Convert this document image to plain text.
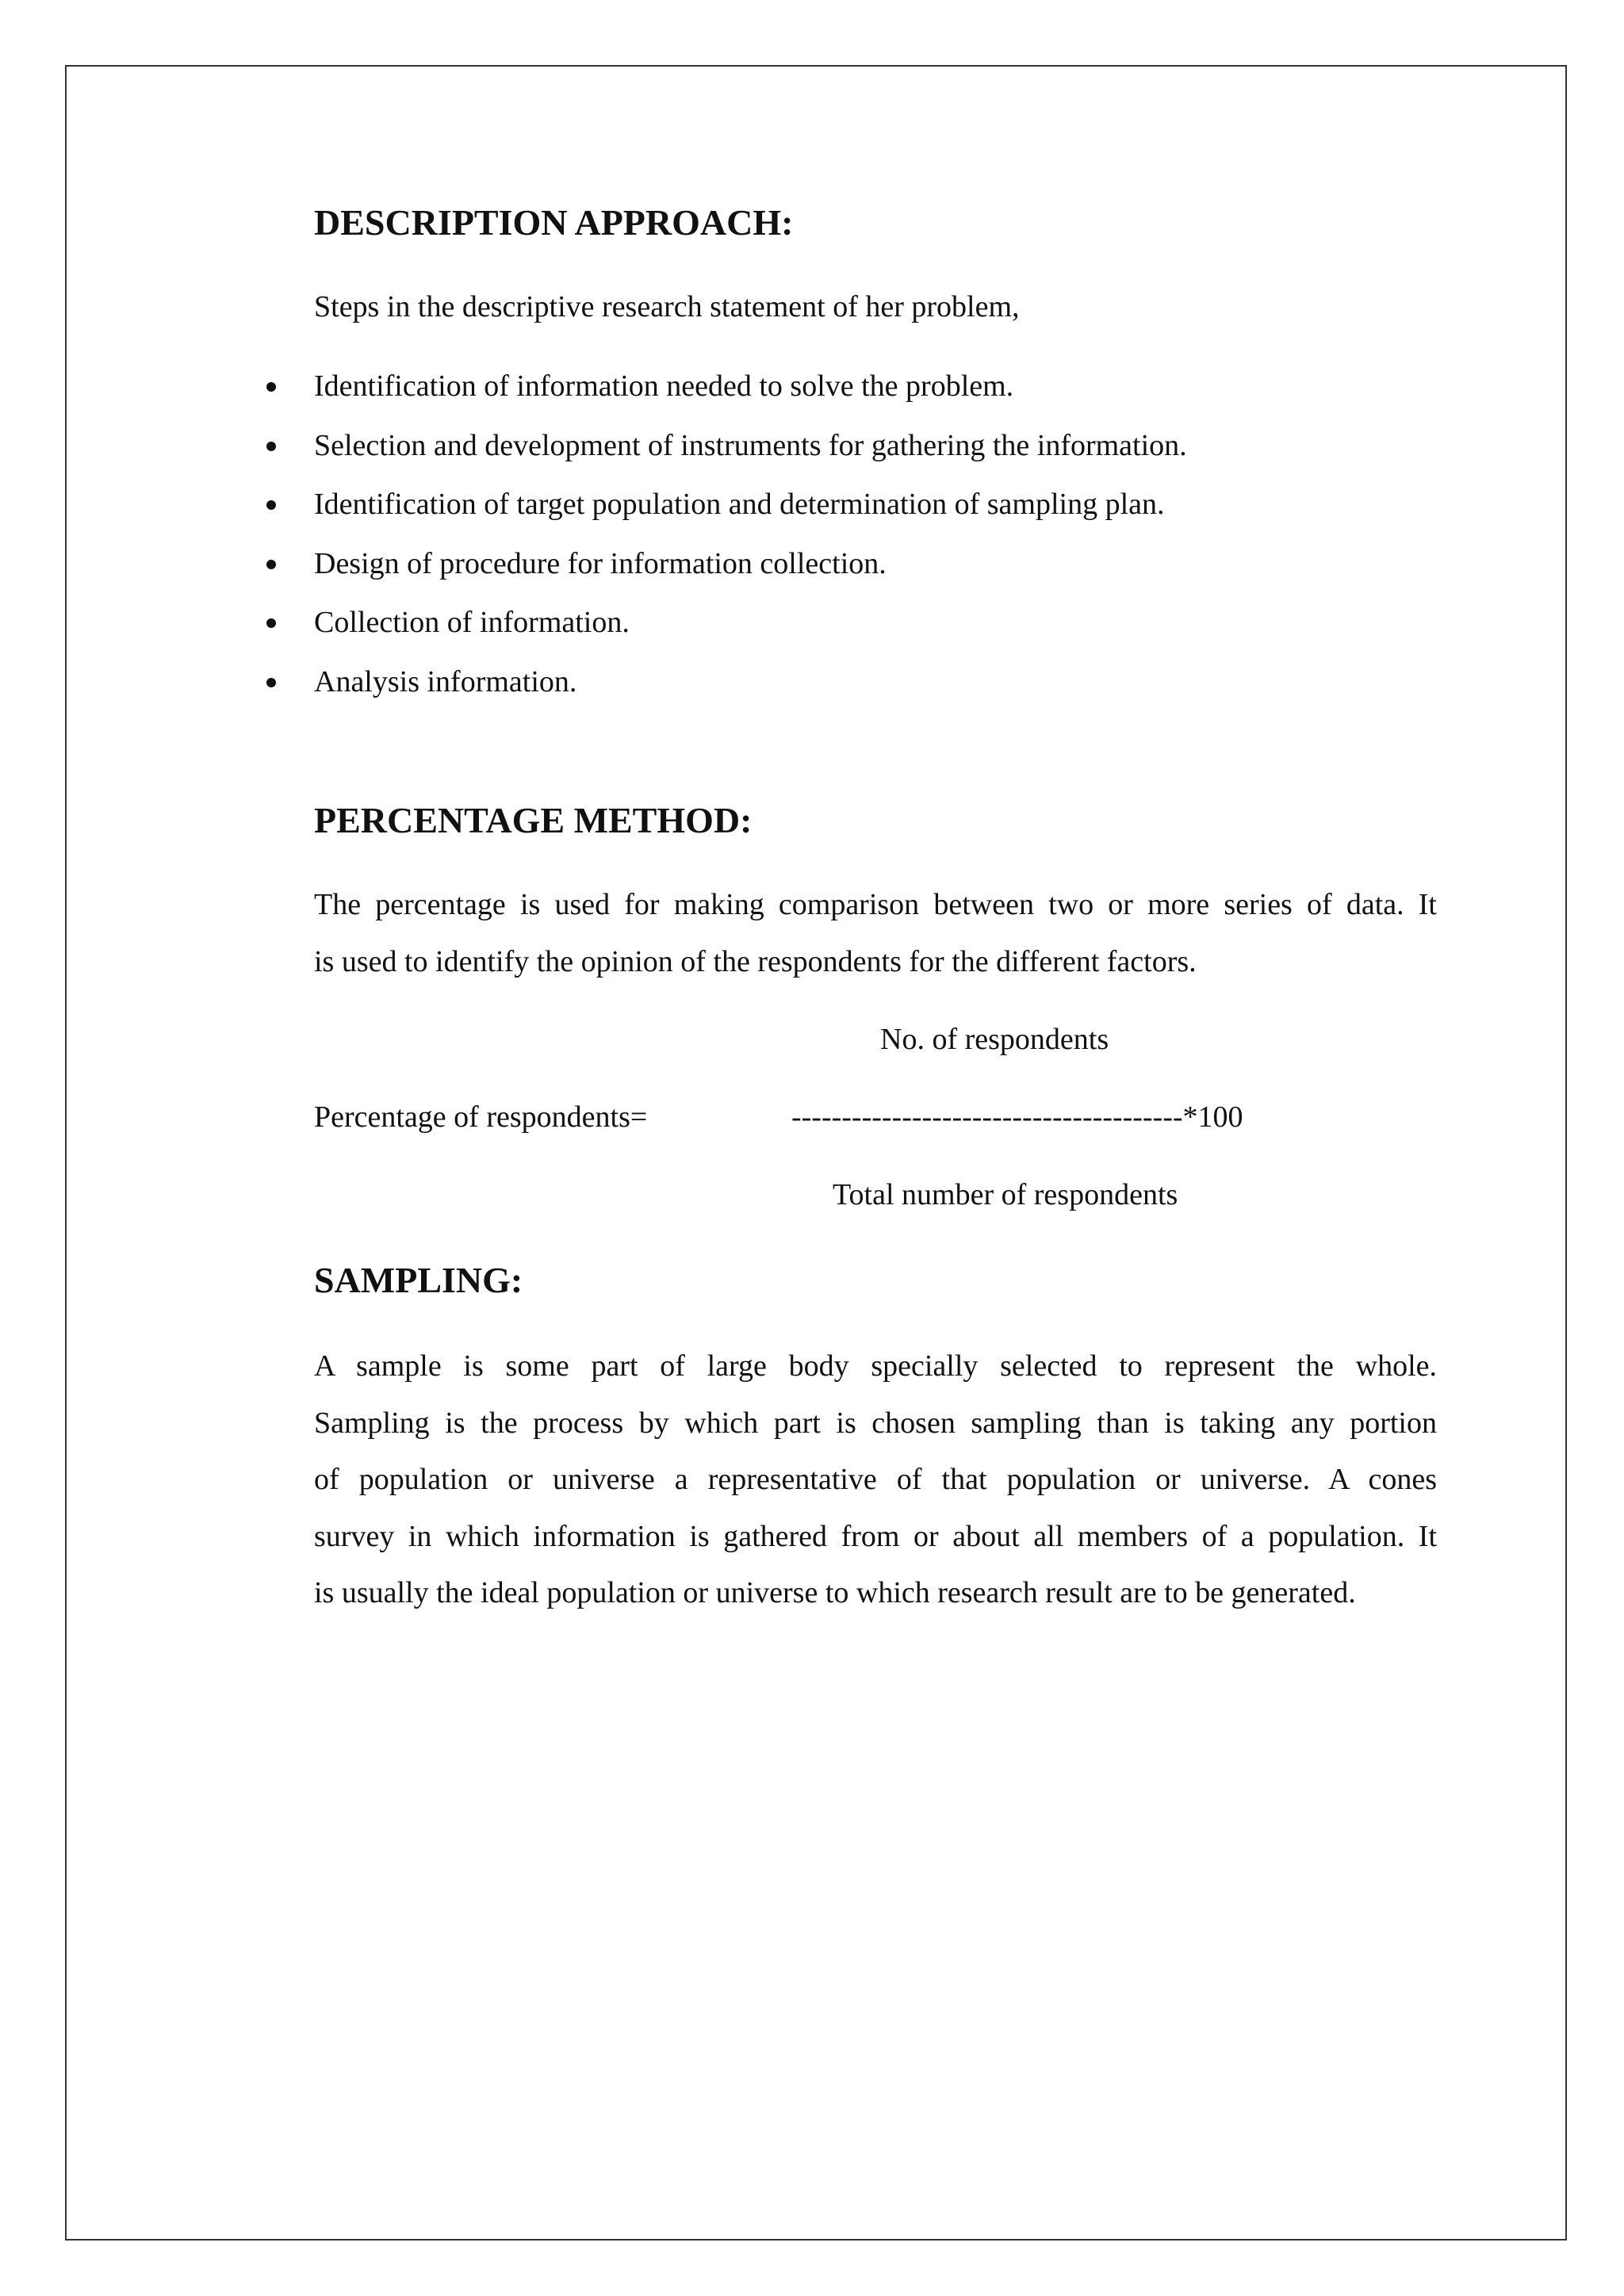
DESCRIPTION APPROACH:

Steps in the descriptive research statement of her problem,

Identification of information needed to solve the problem.
Selection and development of instruments for gathering the information.
Identification of target population and determination of sampling plan.
Design of procedure for information collection.
Collection of information.
Analysis information.
PERCENTAGE METHOD:
The percentage is used for making comparison between two or more series of data. It
is used to identify the opinion of the respondents for the different factors.
No. of respondents
Percentage of respondents=	---------------------------------------*100
Total number of respondents
SAMPLING:
A sample is some part of large body specially selected to represent the whole.
Sampling is the process by which part is chosen sampling than is taking any portion
of population or universe a representative of that population or universe. A cones
survey in which information is gathered from or about all members of a population. It
is usually the ideal population or universe to which research result are to be generated.
